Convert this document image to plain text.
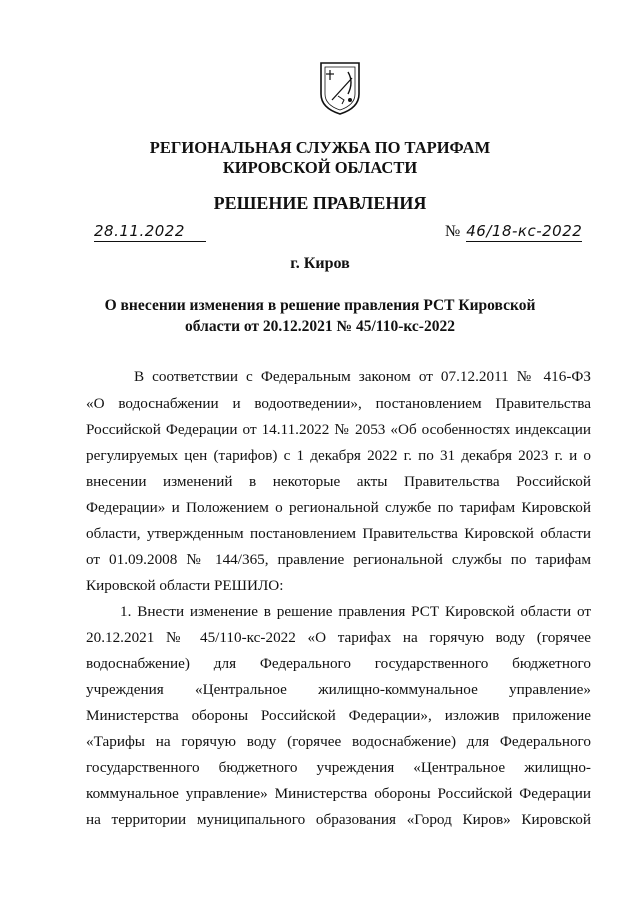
РЕГИОНАЛЬНАЯ СЛУЖБА ПО ТАРИФАМ
КИРОВСКОЙ ОБЛАСТИ
РЕШЕНИЕ ПРАВЛЕНИЯ
28.11.2022	№ 46/18-кс-2022
г. Киров
О внесении изменения в решение правления РСТ Кировской
области от 20.12.2021 № 45/110-кс-2022
В соответствии с Федеральным законом от 07.12.2011 № 416-ФЗ
«О водоснабжении и водоотведении», постановлением Правительства
Российской Федерации от 14.11.2022 № 2053 «Об особенностях индексации
регулируемых цен (тарифов) с 1 декабря 2022 г. по 31 декабря 2023 г. и о
внесении изменений в некоторые акты Правительства Российской
Федерации» и Положением о региональной службе по тарифам Кировской
области, утвержденным постановлением Правительства Кировской области
от 01.09.2008 № 144/365, правление региональной службы по тарифам
Кировской области РЕШИЛО:
1. Внести изменение в решение правления РСТ Кировской области от
20.12.2021 № 45/110-кс-2022 «О тарифах на горячую воду (горячее
водоснабжение) для Федерального государственного бюджетного
учреждения «Центральное жилищно-коммунальное управление»
Министерства обороны Российской Федерации», изложив приложение
«Тарифы на горячую воду (горячее водоснабжение) для Федерального
государственного бюджетного учреждения «Центральное жилищно-
коммунальное управление» Министерства обороны Российской Федерации
на территории муниципального образования «Город Киров» Кировской
